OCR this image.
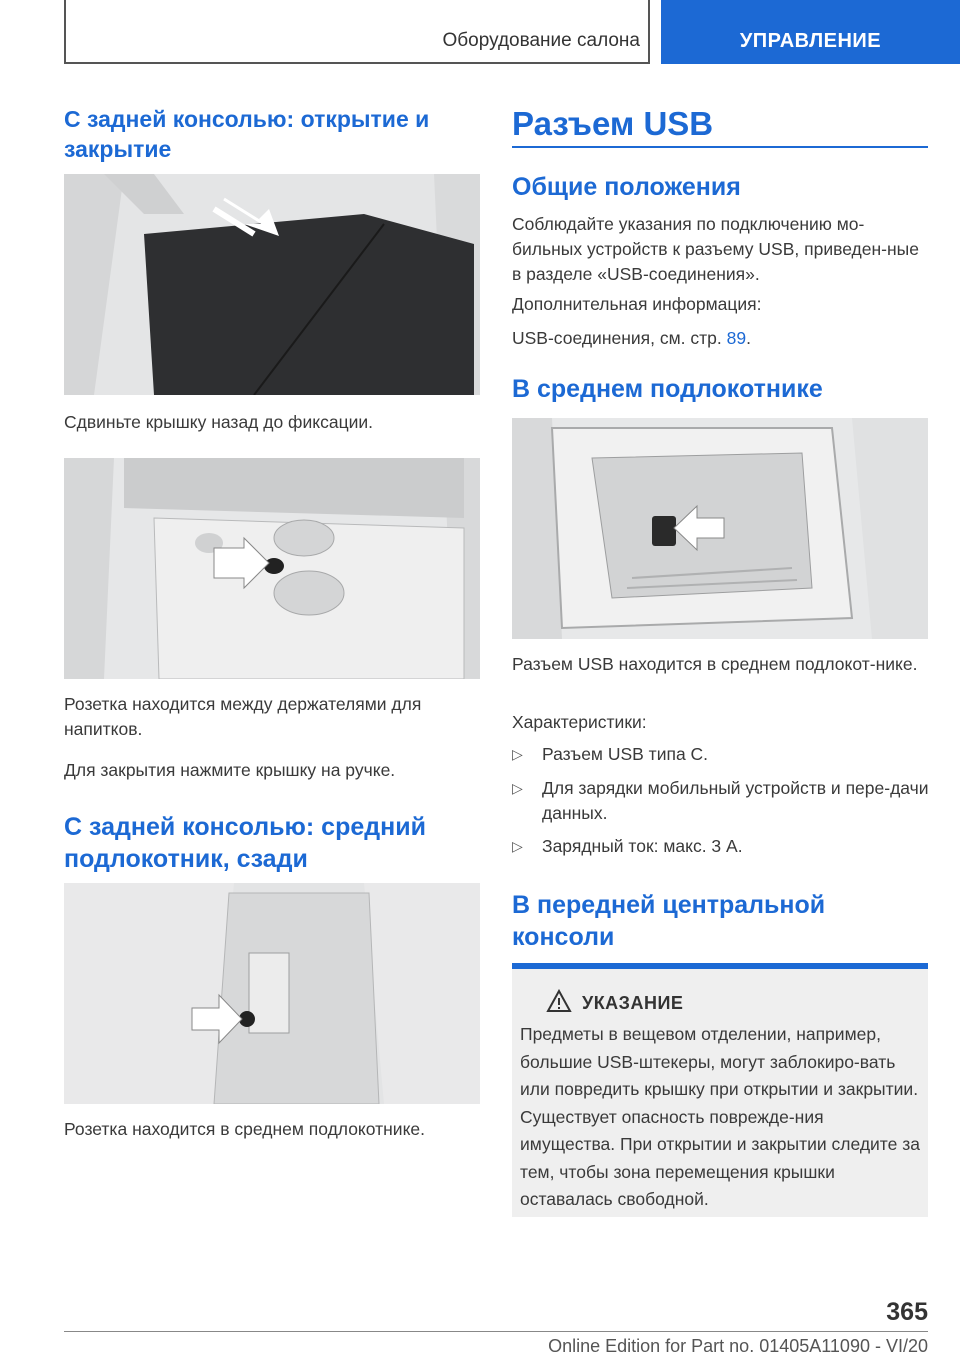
Оборудование салона	УПРАВЛЕНИЕ
С задней консолью: открытие и закрытие
Сдвиньте крышку назад до фиксации.
Розетка находится между держателями для напитков.
Для закрытия нажмите крышку на ручке.
С задней консолью: средний подлокотник, сзади
Розетка находится в среднем подлокотнике.
Разъем USB
Общие положения
Соблюдайте указания по подключению мо-бильных устройств к разъему USB, приведен-ные в разделе «USB-соединения».
Дополнительная информация:
USB-соединения, см. стр. 89.
В среднем подлокотнике
Разъем USB находится в среднем подлокот-нике.
Характеристики:
▷ Разъем USB типа C.
▷ Для зарядки мобильный устройств и пере-дачи данных.
▷ Зарядный ток: макс. 3 А.
В передней центральной консоли
УКАЗАНИЕ
Предметы в вещевом отделении, например, большие USB-штекеры, могут заблокиро-вать или повредить крышку при открытии и закрытии. Существует опасность поврежде-ния имущества. При открытии и закрытии следите за тем, чтобы зона перемещения крышки оставалась свободной.
365
Online Edition for Part no. 01405A11090 - VI/20
